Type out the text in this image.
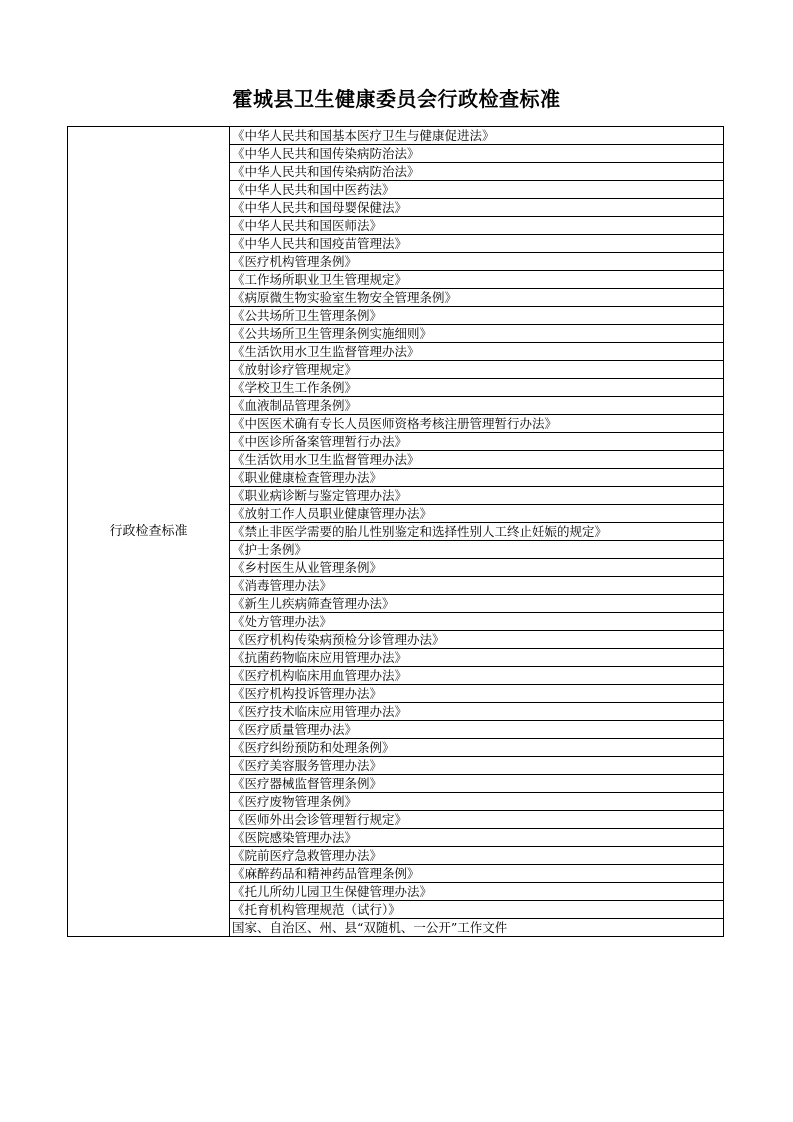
霍城县卫生健康委员会行政检查标准
行政检查标准	《中华人民共和国基本医疗卫生与健康促进法》
《中华人民共和国传染病防治法》
《中华人民共和国传染病防治法》
《中华人民共和国中医药法》
《中华人民共和国母婴保健法》
《中华人民共和国医师法》
《中华人民共和国疫苗管理法》
《医疗机构管理条例》
《工作场所职业卫生管理规定》
《病原微生物实验室生物安全管理条例》
《公共场所卫生管理条例》
《公共场所卫生管理条例实施细则》
《生活饮用水卫生监督管理办法》
《放射诊疗管理规定》
《学校卫生工作条例》
《血液制品管理条例》
《中医医术确有专长人员医师资格考核注册管理暂行办法》
《中医诊所备案管理暂行办法》
《生活饮用水卫生监督管理办法》
《职业健康检查管理办法》
《职业病诊断与鉴定管理办法》
《放射工作人员职业健康管理办法》
《禁止非医学需要的胎儿性别鉴定和选择性别人工终止妊娠的规定》
《护士条例》
《乡村医生从业管理条例》
《消毒管理办法》
《新生儿疾病筛查管理办法》
《处方管理办法》
《医疗机构传染病预检分诊管理办法》
《抗菌药物临床应用管理办法》
《医疗机构临床用血管理办法》
《医疗机构投诉管理办法》
《医疗技术临床应用管理办法》
《医疗质量管理办法》
《医疗纠纷预防和处理条例》
《医疗美容服务管理办法》
《医疗器械监督管理条例》
《医疗废物管理条例》
《医师外出会诊管理暂行规定》
《医院感染管理办法》
《院前医疗急救管理办法》
《麻醉药品和精神药品管理条例》
《托儿所幼儿园卫生保健管理办法》
《托育机构管理规范（试行）》
国家、自治区、州、县“双随机、一公开”工作文件
